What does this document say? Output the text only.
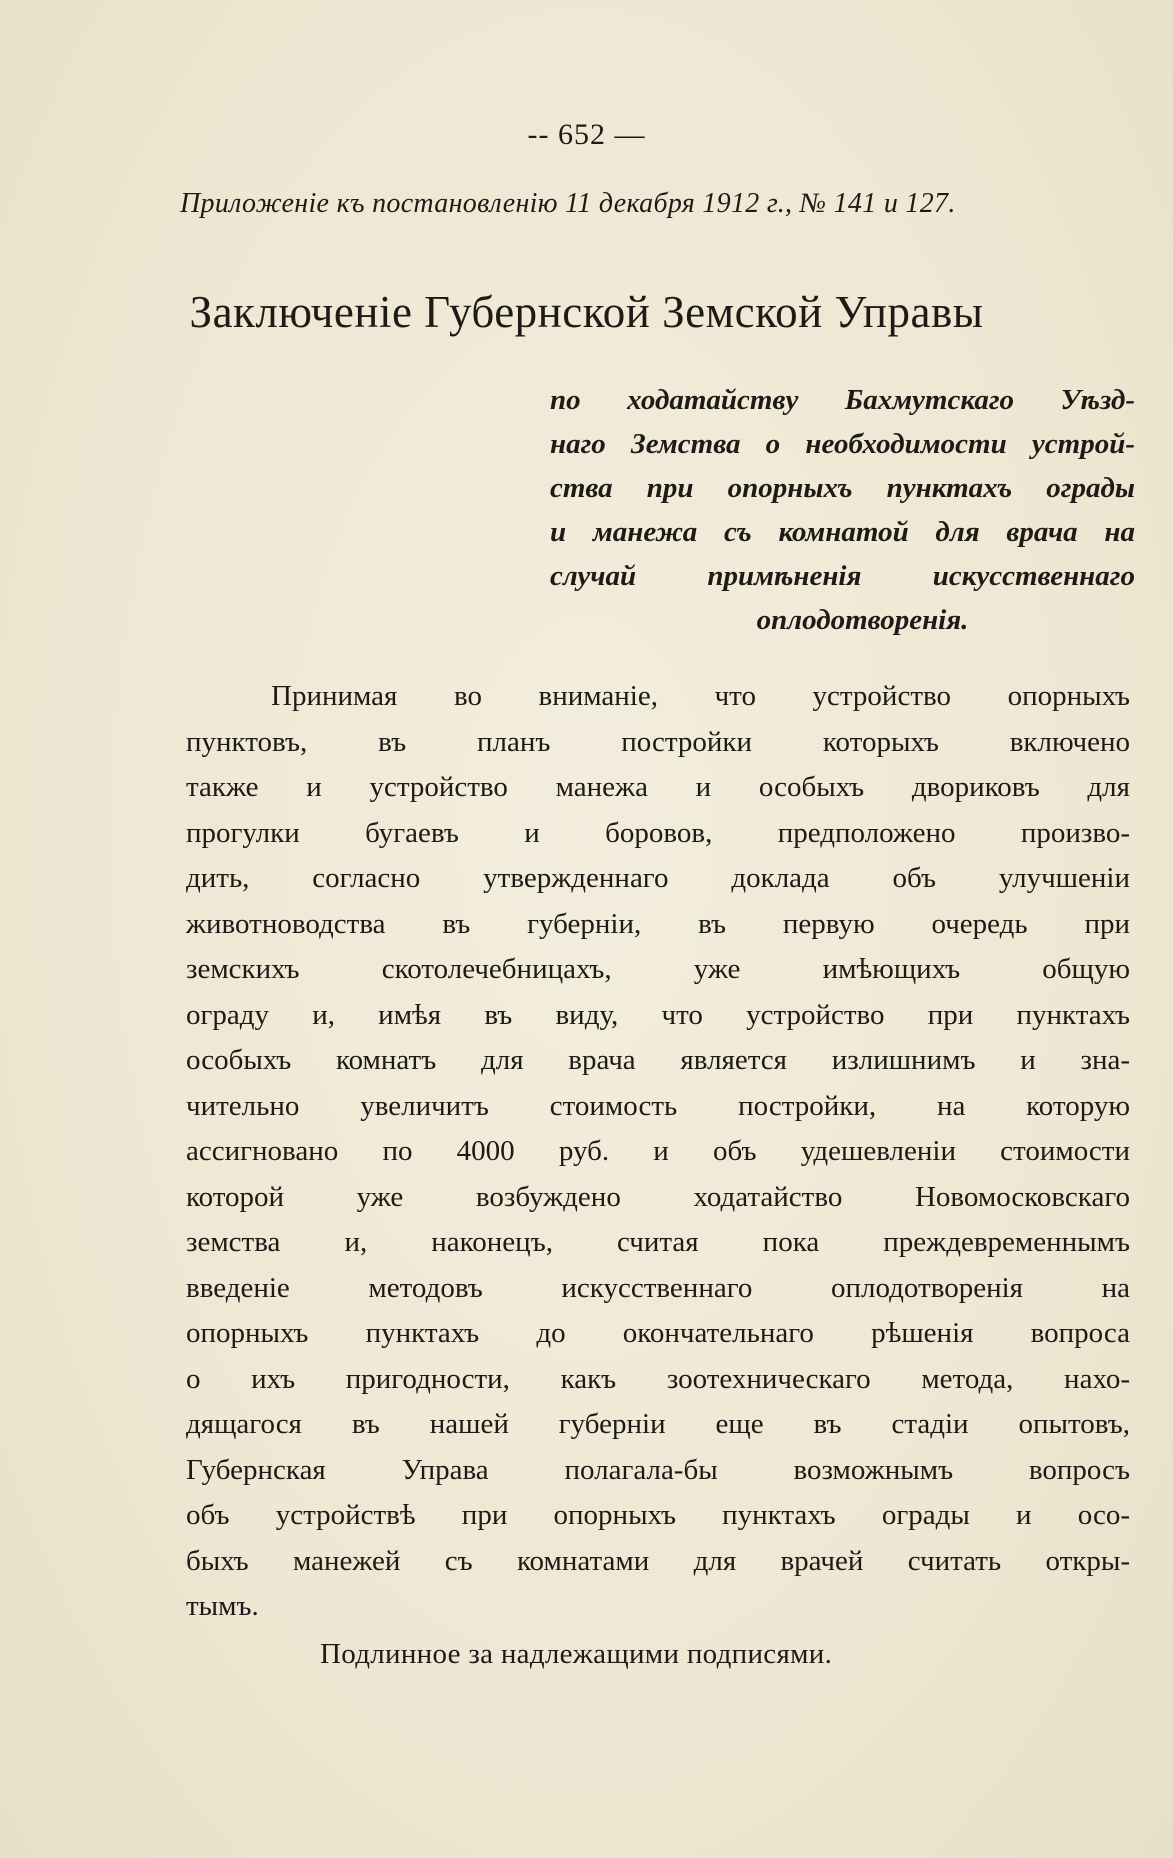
-- 652 —
Приложеніе къ постановленію 11 декабря 1912 г., № 141 и 127.
Заключеніе Губернской Земской Управы
по ходатайству Бахмутскаго Уѣзд-
наго Земства о необходимости устрой-
ства при опорныхъ пунктахъ ограды
и манежа съ комнатой для врача на
случай примѣненія искусственнаго
оплодотворенія.
Принимая во вниманіе, что устройство опорныхъ
пунктовъ, въ планъ постройки которыхъ включено
также и устройство манежа и особыхъ двориковъ для
прогулки бугаевъ и боровов, предположено произво-
дить, согласно утвержденнаго доклада объ улучшеніи
животноводства въ губерніи, въ первую очередь при
земскихъ скотолечебницахъ, уже имѣющихъ общую
ограду и, имѣя въ виду, что устройство при пунктахъ
особыхъ комнатъ для врача является излишнимъ и зна-
чительно увеличитъ стоимость постройки, на которую
ассигновано по 4000 руб. и объ удешевленіи стоимости
которой уже возбуждено ходатайство Новомосковскаго
земства и, наконецъ, считая пока преждевременнымъ
введеніе методовъ искусственнаго оплодотворенія на
опорныхъ пунктахъ до окончательнаго рѣшенія вопроса
о ихъ пригодности, какъ зоотехническаго метода, нахо-
дящагося въ нашей губерніи еще въ стадіи опытовъ,
Губернская Управа полагала-бы возможнымъ вопросъ
объ устройствѣ при опорныхъ пунктахъ ограды и осо-
быхъ манежей съ комнатами для врачей считать откры-
тымъ.
Подлинное за надлежащими подписями.
